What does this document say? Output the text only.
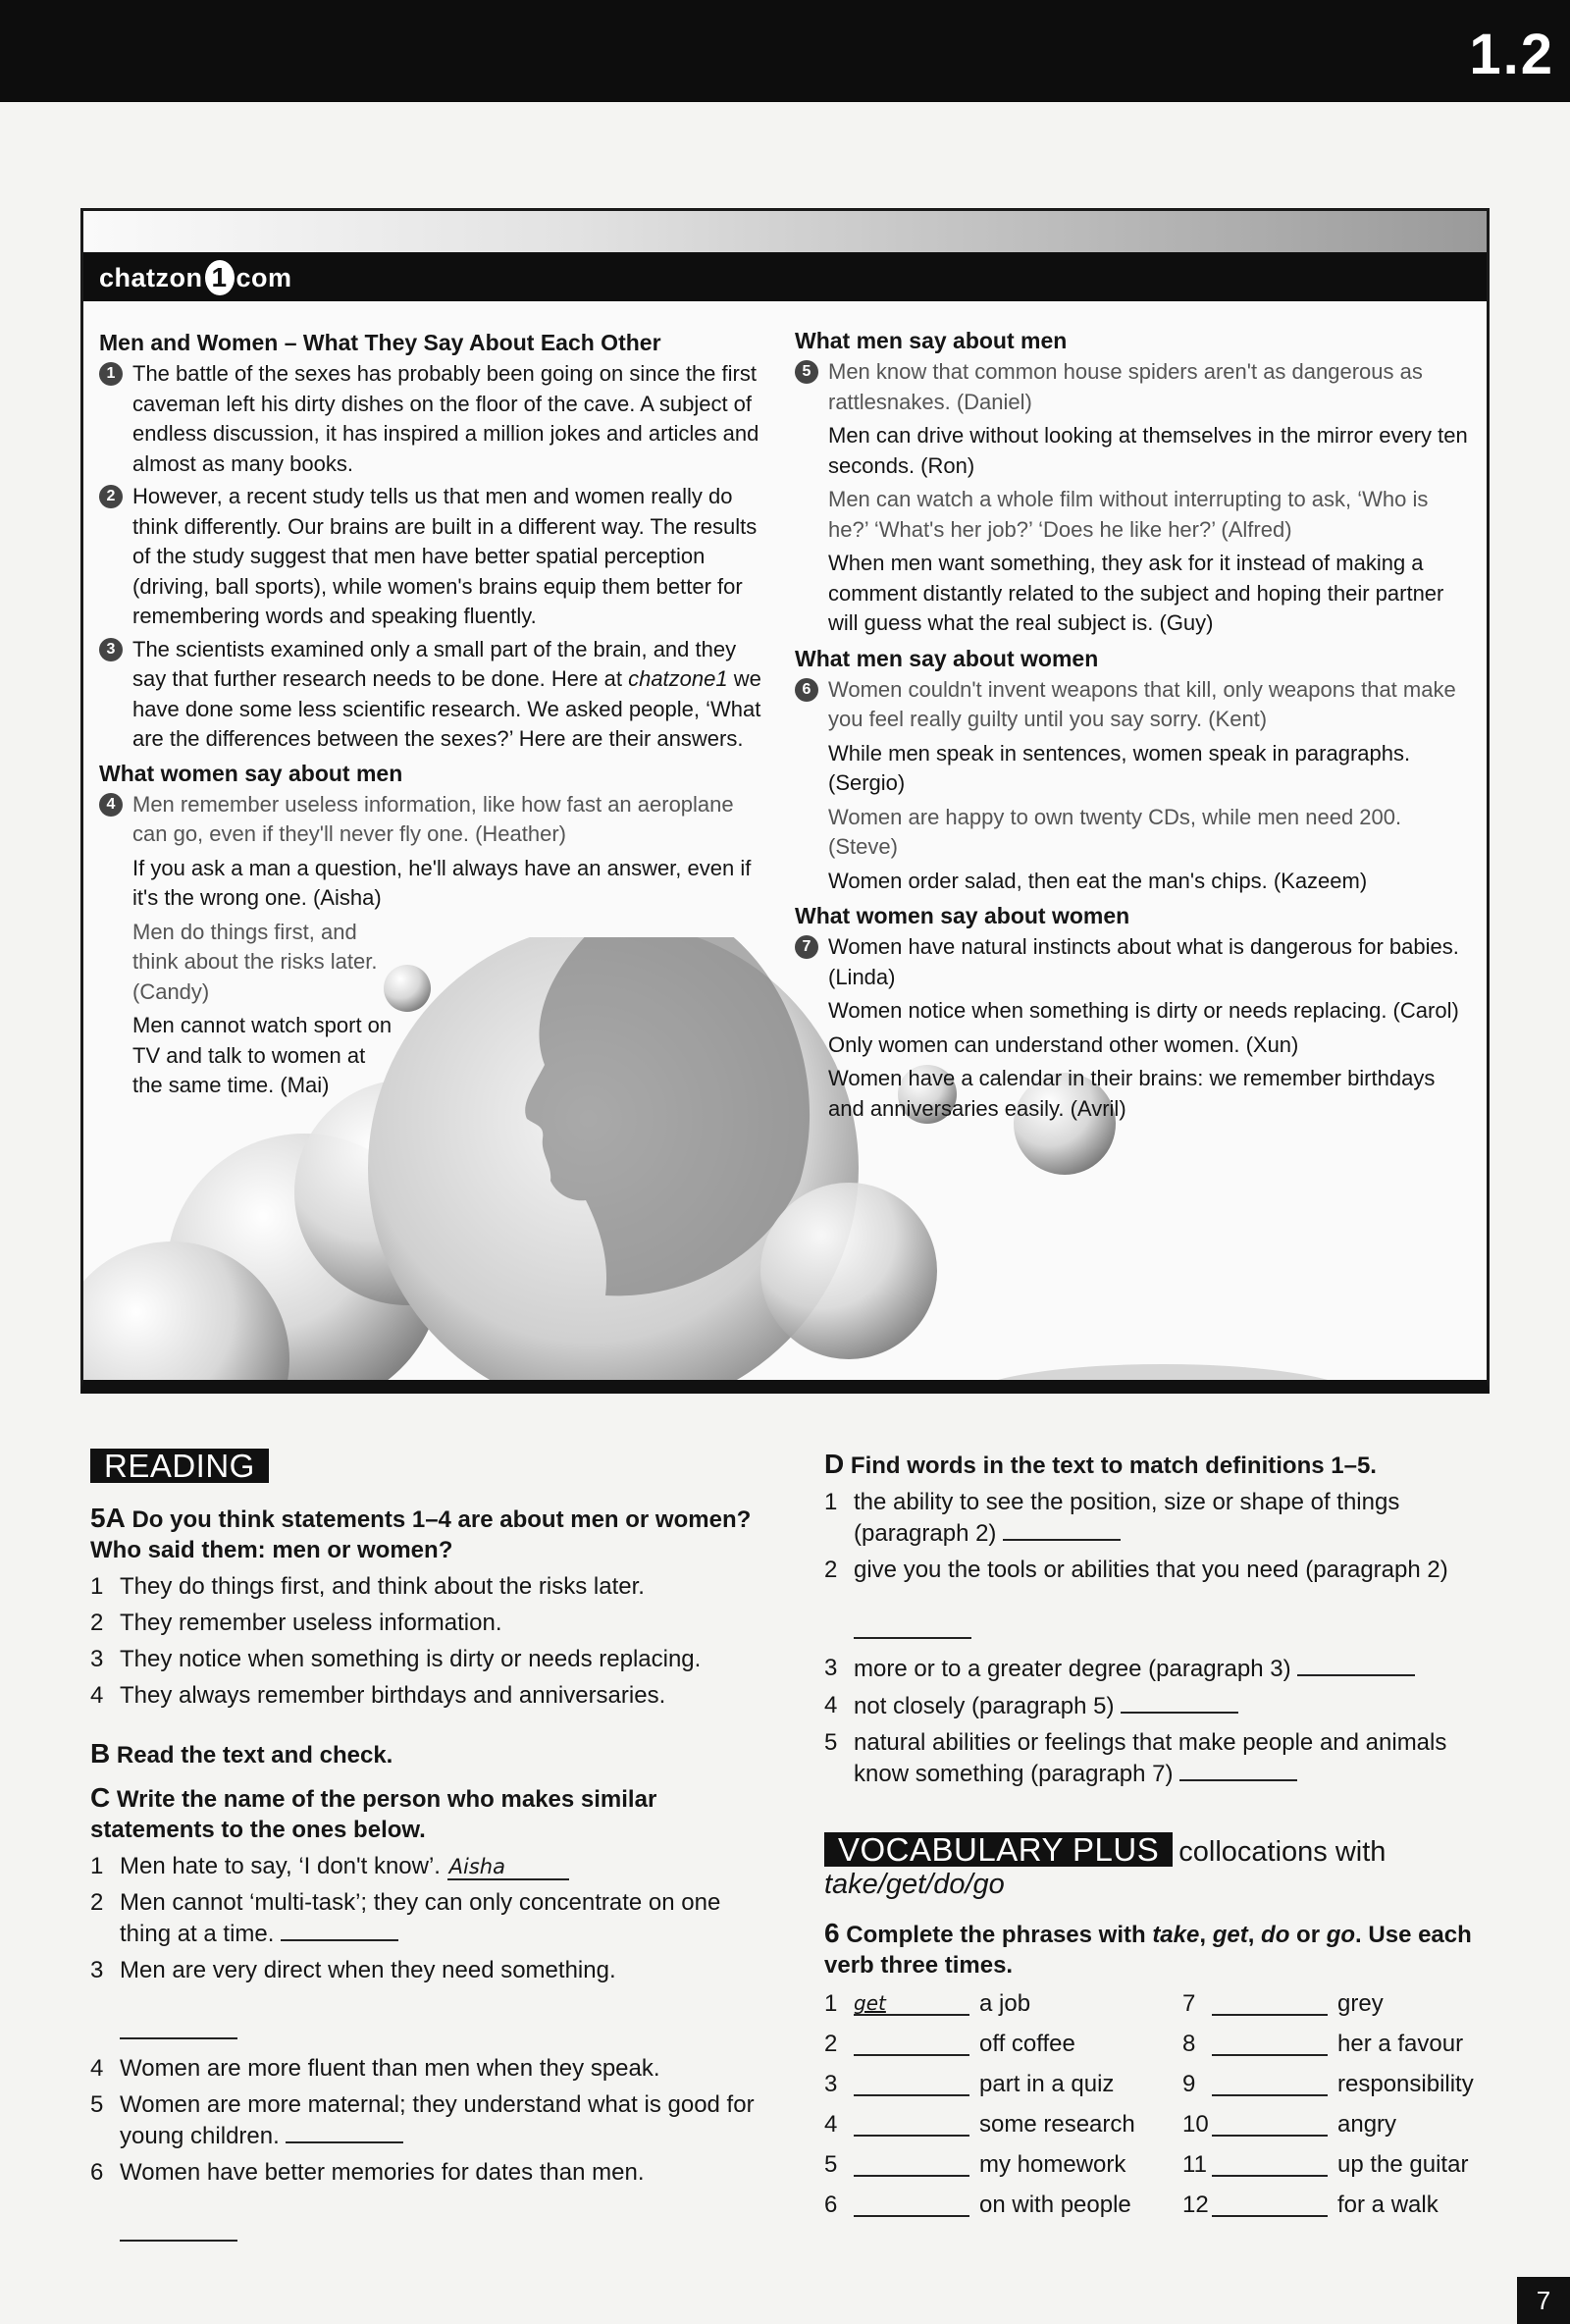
1.2
chatzon 1 com
Men and Women – What They Say About Each Other
1 The battle of the sexes has probably been going on since the first caveman left his dirty dishes on the floor of the cave. A subject of endless discussion, it has inspired a million jokes and articles and almost as many books.
2 However, a recent study tells us that men and women really do think differently. Our brains are built in a different way. The results of the study suggest that men have better spatial perception (driving, ball sports), while women's brains equip them better for remembering words and speaking fluently.
3 The scientists examined only a small part of the brain, and they say that further research needs to be done. Here at chatzone1 we have done some less scientific research. We asked people, ‘What are the differences between the sexes?’ Here are their answers.
What women say about men
4 Men remember useless information, like how fast an aeroplane can go, even if they'll never fly one. (Heather)
If you ask a man a question, he'll always have an answer, even if it's the wrong one. (Aisha)
Men do things first, and think about the risks later. (Candy)
Men cannot watch sport on TV and talk to women at the same time. (Mai)
What men say about men
5 Men know that common house spiders aren't as dangerous as rattlesnakes. (Daniel)
Men can drive without looking at themselves in the mirror every ten seconds. (Ron)
Men can watch a whole film without interrupting to ask, ‘Who is he?’ ‘What's her job?’ ‘Does he like her?’ (Alfred)
When men want something, they ask for it instead of making a comment distantly related to the subject and hoping their partner will guess what the real subject is. (Guy)
What men say about women
6 Women couldn't invent weapons that kill, only weapons that make you feel really guilty until you say sorry. (Kent)
While men speak in sentences, women speak in paragraphs. (Sergio)
Women are happy to own twenty CDs, while men need 200. (Steve)
Women order salad, then eat the man's chips. (Kazeem)
What women say about women
7 Women have natural instincts about what is dangerous for babies. (Linda)
Women notice when something is dirty or needs replacing. (Carol)
Only women can understand other women. (Xun)
Women have a calendar in their brains: we remember birthdays and anniversaries easily. (Avril)
READING

5A Do you think statements 1–4 are about men or women? Who said them: men or women?

1 They do things first, and think about the risks later.
2 They remember useless information.
3 They notice when something is dirty or needs replacing.
4 They always remember birthdays and anniversaries.

B Read the text and check.

C Write the name of the person who makes similar statements to the ones below.

1 Men hate to say, ‘I don't know’. Aisha
2 Men cannot ‘multi-task’; they can only concentrate on one thing at a time.
3 Men are very direct when they need something.

4 Women are more fluent than men when they speak.
5 Women are more maternal; they understand what is good for young children.
6 Women have better memories for dates than men.

D Find words in the text to match definitions 1–5.

1 the ability to see the position, size or shape of things (paragraph 2)
2 give you the tools or abilities that you need (paragraph 2)

3 more or to a greater degree (paragraph 3)
4 not closely (paragraph 5)
5 natural abilities or feelings that make people and animals know something (paragraph 7)
VOCABULARY PLUS collocations with

take/get/do/go

6 Complete the phrases with take, get, do or go. Use each verb three times.

1 get	a job
2	off coffee
3	part in a quiz
4	some research
5	my homework
6	on with people
7	grey
8	her a favour
9	responsibility
10	angry
11	up the guitar
12	for a walk
7
